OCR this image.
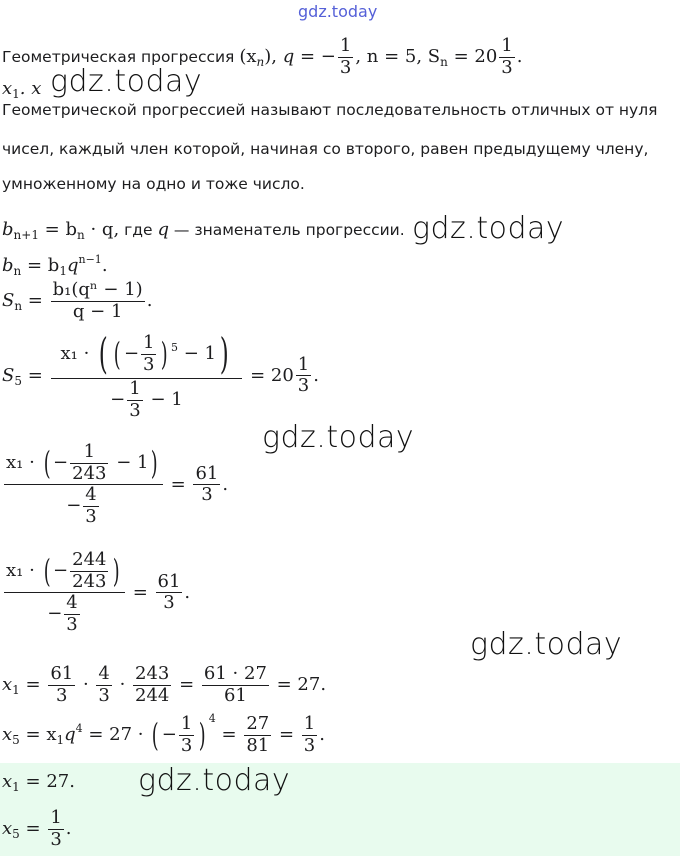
gdz.today
Геометрическая прогрессия $(x_n)$, q = − $\frac{1}{3}$ , n = 5, $S_n = 20 \frac{1}{3}$ .
$x_1$. x gdz.today
Геометрической прогрессией называют последовательность отличных от нуля
чисел, каждый член которой, начиная со второго, равен предыдущему члену,
умноженному на одно и тоже число.
$b_{n+1} = b_n \cdot q$, где q — знаменатель прогрессии. gdz.today
$b_n = b_1q^{n-1}$.
$S_n = \frac{\text{b₁(qⁿ − 1)}}{q - 1}$ .
$S_5 = \frac{x_1 \cdot ( ( - \frac{1}{3} ) ^5 - 1)}{- \frac{1}{3} - 1} = 20 \frac{1}{3}$ .
gdz.today
$\frac{x_1 \cdot ( - \frac{1}{243} - 1)}{- \frac{4}{3}} = \frac{61}{3}$ .
$\frac{x_1 \cdot ( - \frac{244}{243} )}{- \frac{4}{3}} = \frac{61}{3}$ .
gdz.today
$x_1 = \frac{61}{3} \cdot \frac{4}{3} \cdot \frac{243}{244} = \frac{61 \cdot 27}{61} = 27$.
$x_5 = x_1q^4 = 27$ · ( − $\frac{1}{3}$ ) $^4 = \frac{27}{81} = \frac{1}{3}$ .
$x_1 = 27$. gdz.today
$x_5 = \frac{1}{3}$ .
